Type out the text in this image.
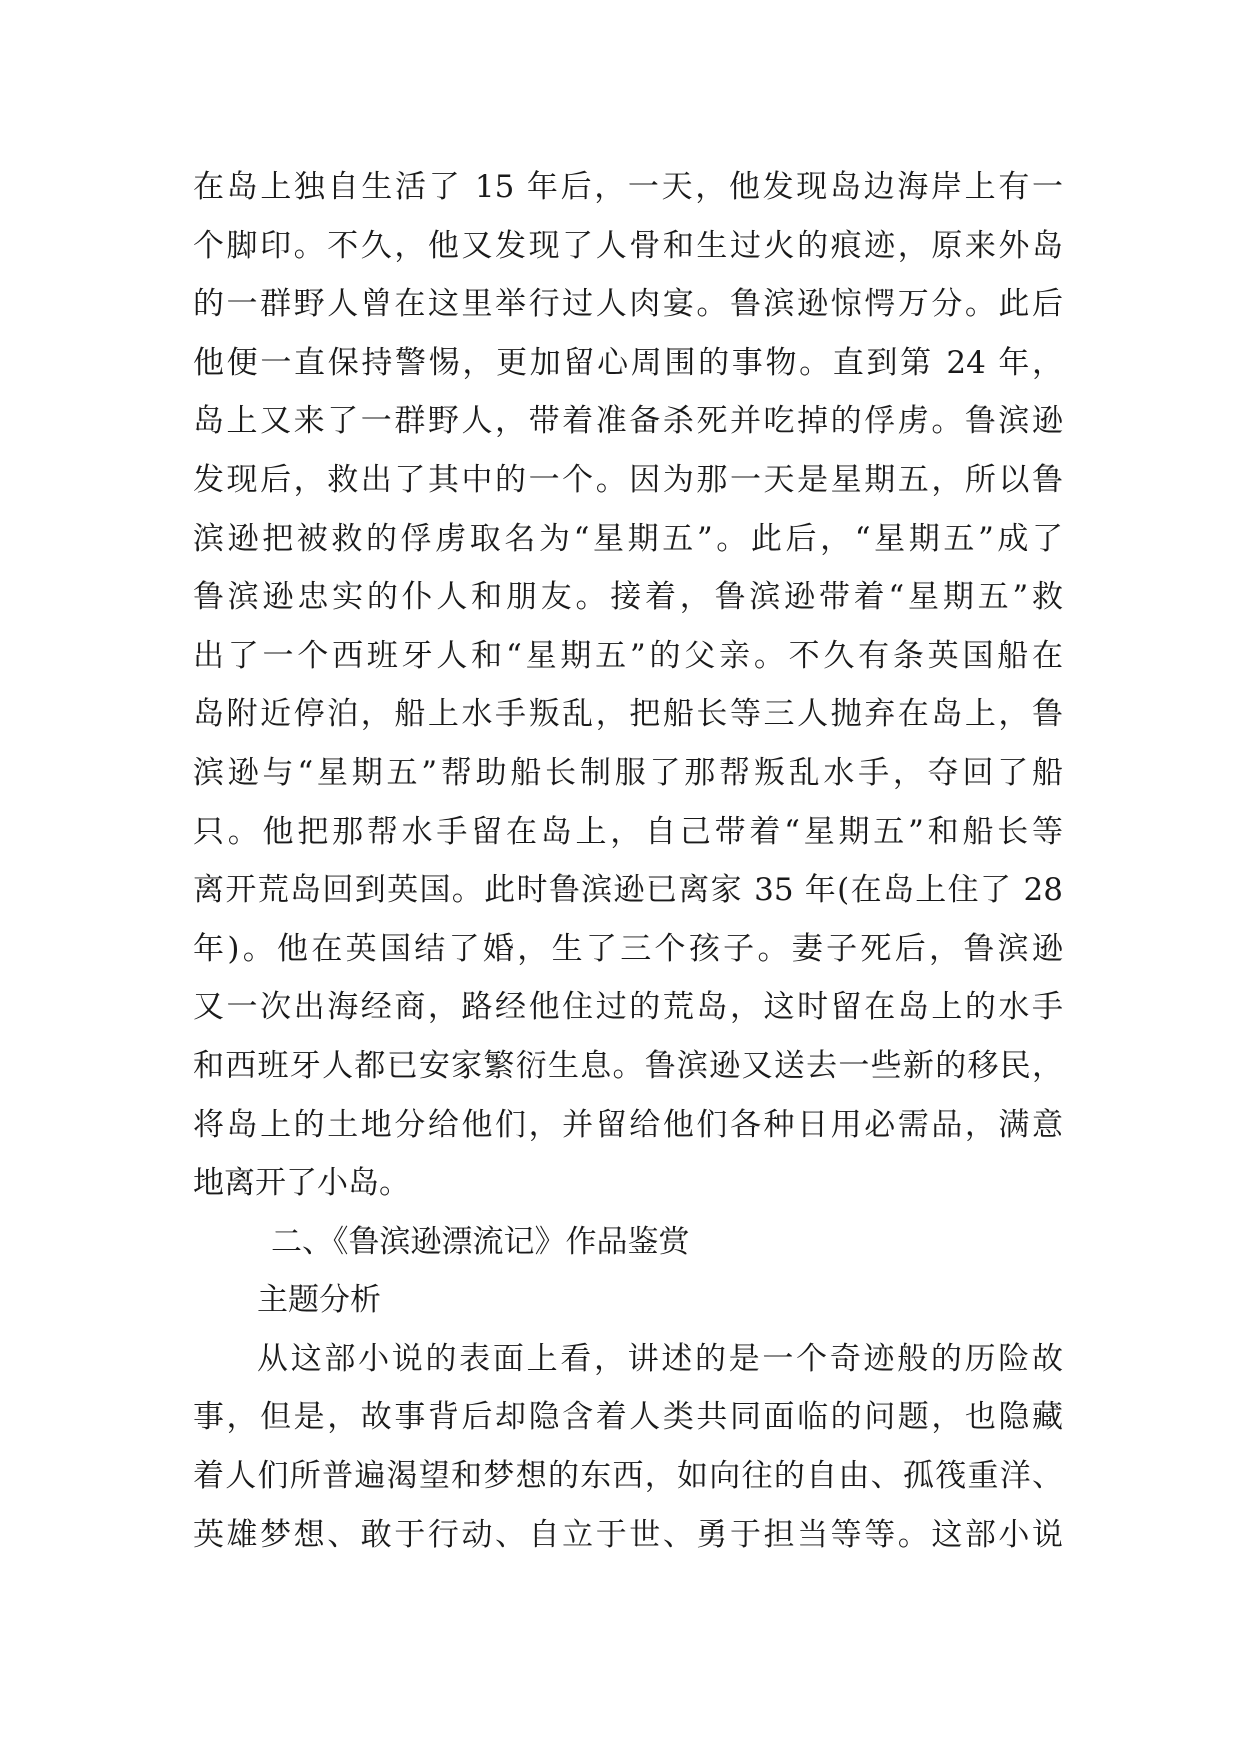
在岛上独自生活了 15 年后，一天，他发现岛边海岸上有一
个脚印。不久，他又发现了人骨和生过火的痕迹，原来外岛
的一群野人曾在这里举行过人肉宴。鲁滨逊惊愕万分。此后
他便一直保持警惕，更加留心周围的事物。直到第 24 年，
岛上又来了一群野人，带着准备杀死并吃掉的俘虏。鲁滨逊
发现后，救出了其中的一个。因为那一天是星期五，所以鲁
滨逊把被救的俘虏取名为“星期五”。此后，“星期五”成了
鲁滨逊忠实的仆人和朋友。接着，鲁滨逊带着“星期五”救
出了一个西班牙人和“星期五”的父亲。不久有条英国船在
岛附近停泊，船上水手叛乱，把船长等三人抛弃在岛上，鲁
滨逊与“星期五”帮助船长制服了那帮叛乱水手，夺回了船
只。他把那帮水手留在岛上，自己带着“星期五”和船长等
离开荒岛回到英国。此时鲁滨逊已离家 35 年(在岛上住了 28
年)。他在英国结了婚，生了三个孩子。妻子死后，鲁滨逊
又一次出海经商，路经他住过的荒岛，这时留在岛上的水手
和西班牙人都已安家繁衍生息。鲁滨逊又送去一些新的移民，
将岛上的土地分给他们，并留给他们各种日用必需品，满意
地离开了小岛。
二、《鲁滨逊漂流记》作品鉴赏
主题分析
从这部小说的表面上看，讲述的是一个奇迹般的历险故
事，但是，故事背后却隐含着人类共同面临的问题，也隐藏
着人们所普遍渴望和梦想的东西，如向往的自由、孤筏重洋、
英雄梦想、敢于行动、自立于世、勇于担当等等。这部小说
